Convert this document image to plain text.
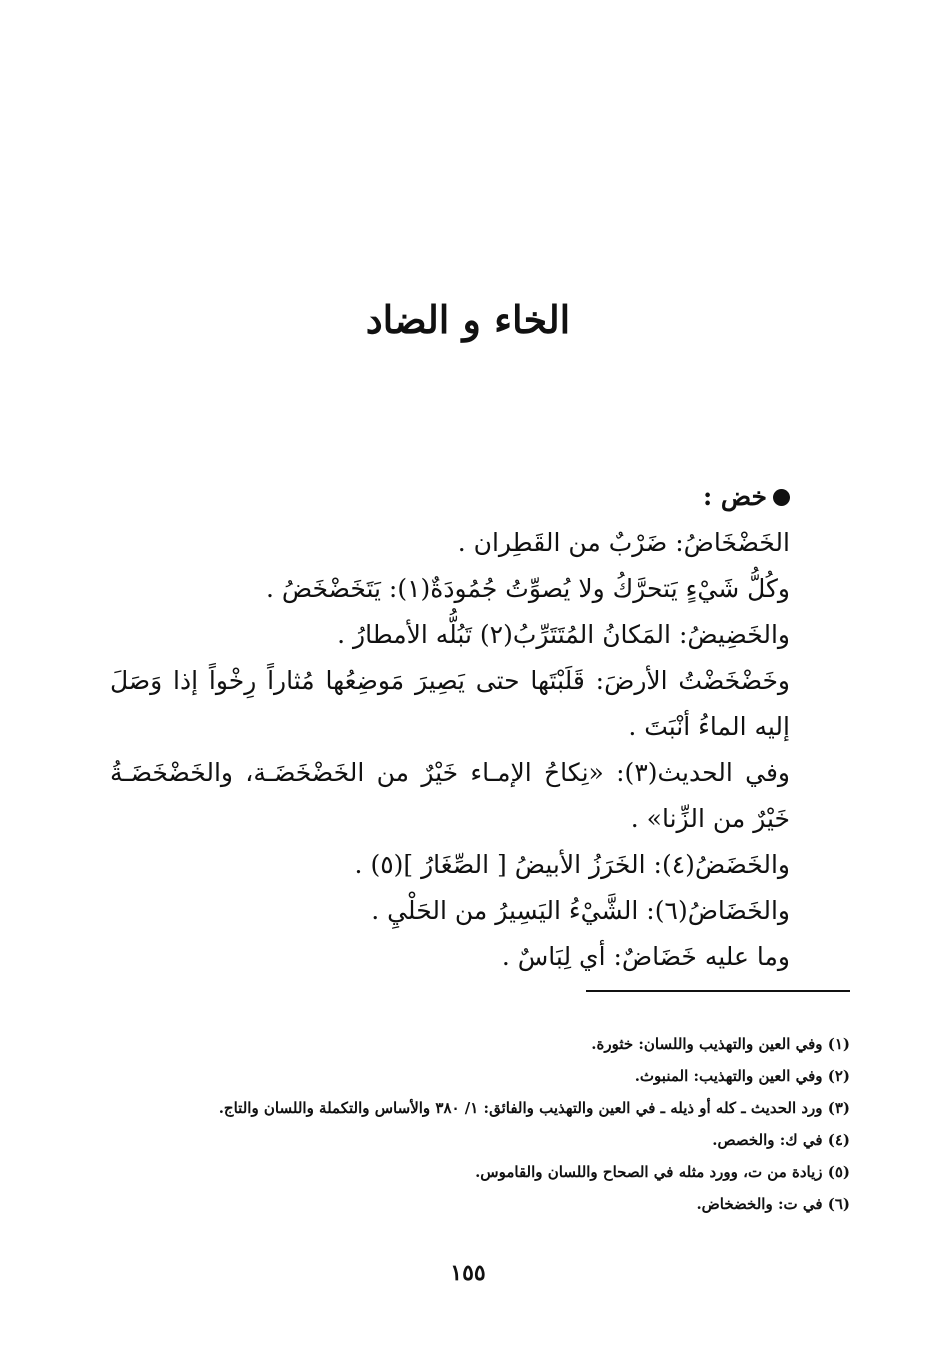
الخاء و الضاد
خض :
الخَضْخَاضُ: ضَرْبٌ من القَطِران .
وكُلُّ شَيْءٍ يَتحرَّكُ ولا يُصوِّتُ جُمُودَةٌ(١): يَتَخَضْخَضُ .
والخَضِيضُ: المَكانُ المُتَتَرِّبُ(٢) تَبُلُّه الأمطارُ .
وخَضْخَضْتُ الأرضَ: قَلَبْتَها حتى يَصِيرَ مَوضِعُها مُثاراً رِخْواً إذا وَصَلَ إليه الماءُ أنْبَتَ .
وفي الحديث(٣): «نِكاحُ الإمـاء خَيْرٌ من الخَضْخَضَـة، والخَضْخَضَـةُ خَيْرٌ من الزِّنا» .
والخَضَضُ(٤): الخَرَزُ الأبيضُ [ الصِّغَارُ ](٥) .
والخَضَاضُ(٦): الشَّيْءُ اليَسِيرُ من الحَلْيِ .
وما عليه خَضَاضٌ: أي لِبَاسٌ .
(١) وفي العين والتهذيب واللسان: خثورة.
(٢) وفي العين والتهذيب: المنبوث.
(٣) ورد الحديث ـ كله أو ذيله ـ في العين والتهذيب والفائق: ١/ ٣٨٠ والأساس والتكملة واللسان والتاج.
(٤) في ك: والخصص.
(٥) زيادة من ت، وورد مثله في الصحاح واللسان والقاموس.
(٦) في ت: والخضخاض.
١٥٥
